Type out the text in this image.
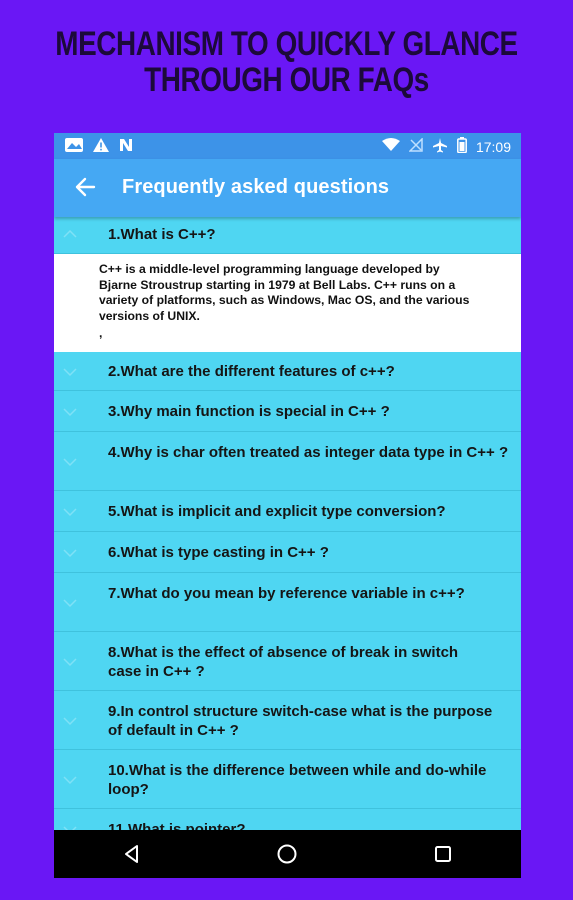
MECHANISM TO QUICKLY GLANCE
THROUGH OUR FAQs
17:09
Frequently asked questions
1.What is C++?
C++ is a middle-level programming language developed by
Bjarne Stroustrup starting in 1979 at Bell Labs. C++ runs on a
variety of platforms, such as Windows, Mac OS, and the various
versions of UNIX.
,
2.What are the different features of c++?
3.Why main function is special in C++ ?
4.Why is char often treated as integer data type in C++ ?
5.What is implicit and explicit type conversion?
6.What is type casting in C++ ?
7.What do you mean by reference variable in c++?
8.What is the effect of absence of break in switch case in C++ ?
9.In control structure switch-case what is the purpose of default in C++ ?
10.What is the difference between while and do-while loop?
